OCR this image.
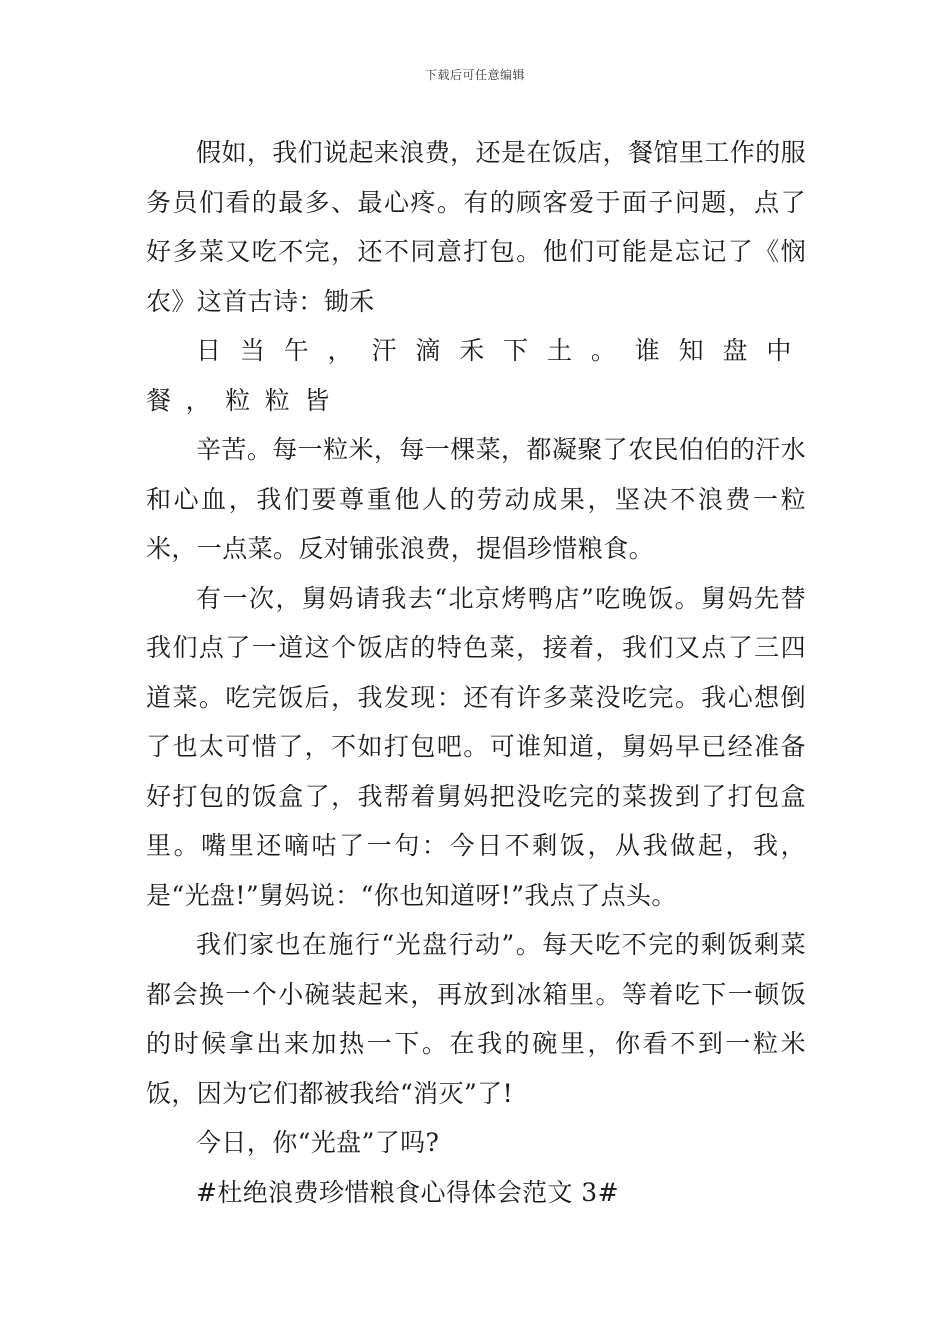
下载后可任意编辑

假如，我们说起来浪费，还是在饭店，餐馆里工作的服务员们看的最多、最心疼。有的顾客爱于面子问题，点了好多菜又吃不完，还不同意打包。他们可能是忘记了《悯农》这首古诗：锄禾

日当午，汗滴禾下土。谁知盘中餐，粒粒皆

辛苦。每一粒米，每一棵菜，都凝聚了农民伯伯的汗水和心血，我们要尊重他人的劳动成果，坚决不浪费一粒米，一点菜。反对铺张浪费，提倡珍惜粮食。

有一次，舅妈请我去“北京烤鸭店”吃晚饭。舅妈先替我们点了一道这个饭店的特色菜，接着，我们又点了三四道菜。吃完饭后，我发现：还有许多菜没吃完。我心想倒了也太可惜了，不如打包吧。可谁知道，舅妈早已经准备好打包的饭盒了，我帮着舅妈把没吃完的菜拨到了打包盒里。嘴里还嘀咕了一句：今日不剩饭，从我做起，我，是“光盘!”舅妈说：“你也知道呀!”我点了点头。

我们家也在施行“光盘行动”。每天吃不完的剩饭剩菜都会换一个小碗装起来，再放到冰箱里。等着吃下一顿饭的时候拿出来加热一下。在我的碗里，你看不到一粒米饭，因为它们都被我给“消灭”了!

今日，你“光盘”了吗?

#杜绝浪费珍惜粮食心得体会范文 3#
